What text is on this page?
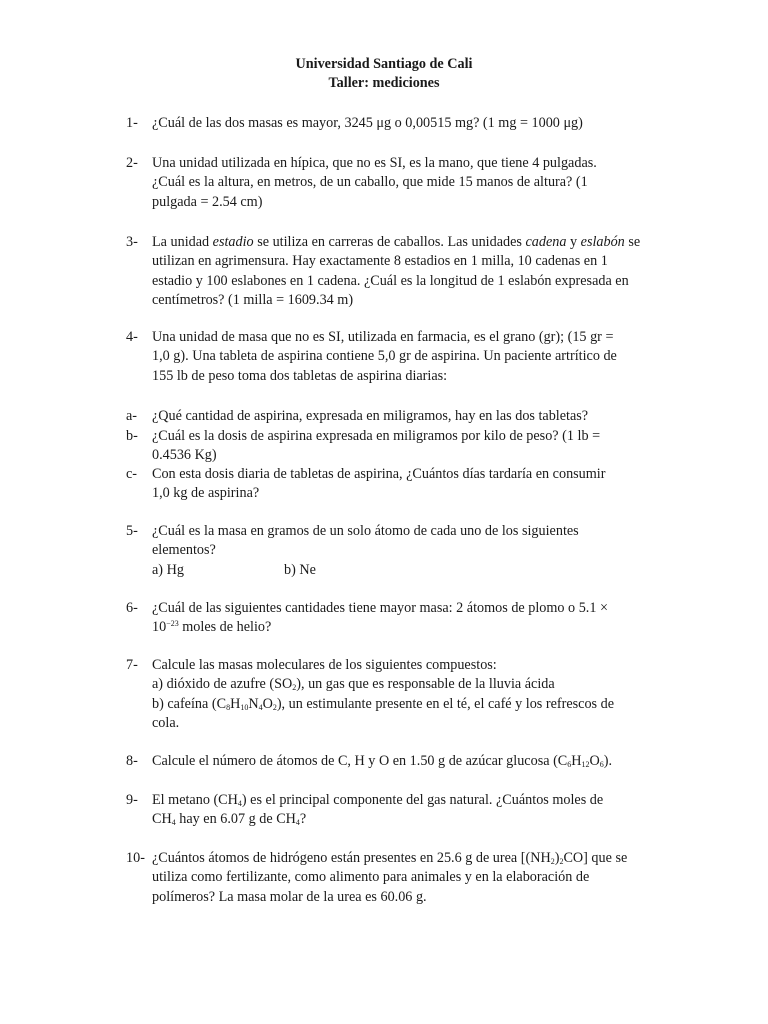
Universidad Santiago de Cali
Taller: mediciones
1- ¿Cuál de las dos masas es mayor, 3245 μg o 0,00515 mg? (1 mg = 1000 μg)
2- Una unidad utilizada en hípica, que no es SI, es la mano, que tiene 4 pulgadas.
¿Cuál es la altura, en metros, de un caballo, que mide 15 manos de altura? (1
pulgada = 2.54 cm)
3- La unidad estadio se utiliza en carreras de caballos. Las unidades cadena y eslabón se
utilizan en agrimensura. Hay exactamente 8 estadios en 1 milla, 10 cadenas en 1
estadio y 100 eslabones en 1 cadena. ¿Cuál es la longitud de 1 eslabón expresada en
centímetros? (1 milla = 1609.34 m)
4- Una unidad de masa que no es SI, utilizada en farmacia, es el grano (gr); (15 gr =
1,0 g). Una tableta de aspirina contiene 5,0 gr de aspirina. Un paciente artrítico de
155 lb de peso toma dos tabletas de aspirina diarias:
a- ¿Qué cantidad de aspirina, expresada en miligramos, hay en las dos tabletas?
b- ¿Cuál es la dosis de aspirina expresada en miligramos por kilo de peso? (1 lb =
0.4536 Kg)
c- Con esta dosis diaria de tabletas de aspirina, ¿Cuántos días tardaría en consumir
1,0 kg de aspirina?
5- ¿Cuál es la masa en gramos de un solo átomo de cada uno de los siguientes
elementos?
a) Hg	b) Ne
6- ¿Cuál de las siguientes cantidades tiene mayor masa: 2 átomos de plomo o 5.1 ×
$10^{-23}$ moles de helio?
7- Calcule las masas moleculares de los siguientes compuestos:
a) dióxido de azufre $(SO_2)$, un gas que es responsable de la lluvia ácida
b) cafeína $(C_8H_{10}N_4O_2)$, un estimulante presente en el té, el café y los refrescos de
cola.
8- Calcule el número de átomos de C, H y O en 1.50 g de azúcar glucosa $(C_6H_{12}O_6)$.
9- El metano $(CH_4)$ es el principal componente del gas natural. ¿Cuántos moles de
$CH_4$ hay en 6.07 g de $CH_4$?
10- ¿Cuántos átomos de hidrógeno están presentes en 25.6 g de urea $[(NH_2)_2CO]$ que se
utiliza como fertilizante, como alimento para animales y en la elaboración de
polímeros? La masa molar de la urea es 60.06 g.
